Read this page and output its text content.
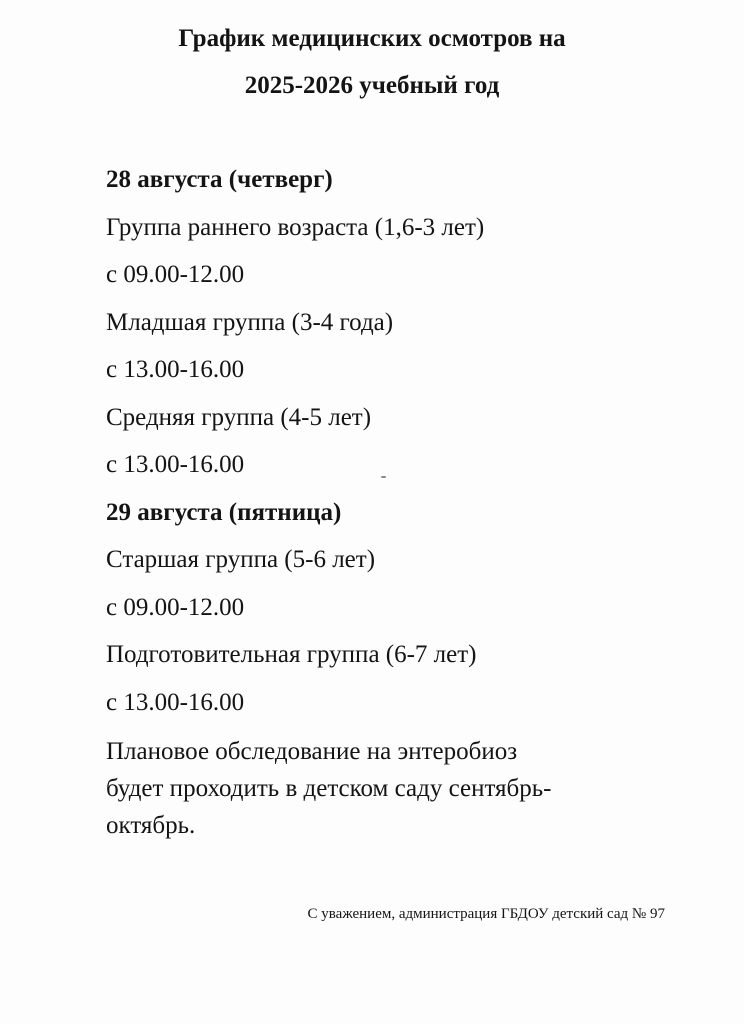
График медицинских осмотров на
2025-2026 учебный год
28 августа (четверг)
Группа раннего возраста (1,6-3 лет)
с 09.00-12.00
Младшая группа (3-4 года)
с 13.00-16.00
Средняя группа (4-5 лет)
с 13.00-16.00
29 августа (пятница)
Старшая группа (5-6 лет)
с 09.00-12.00
Подготовительная группа (6-7 лет)
с 13.00-16.00
Плановое обследование на энтеробиоз
будет проходить в детском саду сентябрь-
октябрь.
С уважением, администрация ГБДОУ детский сад № 97
